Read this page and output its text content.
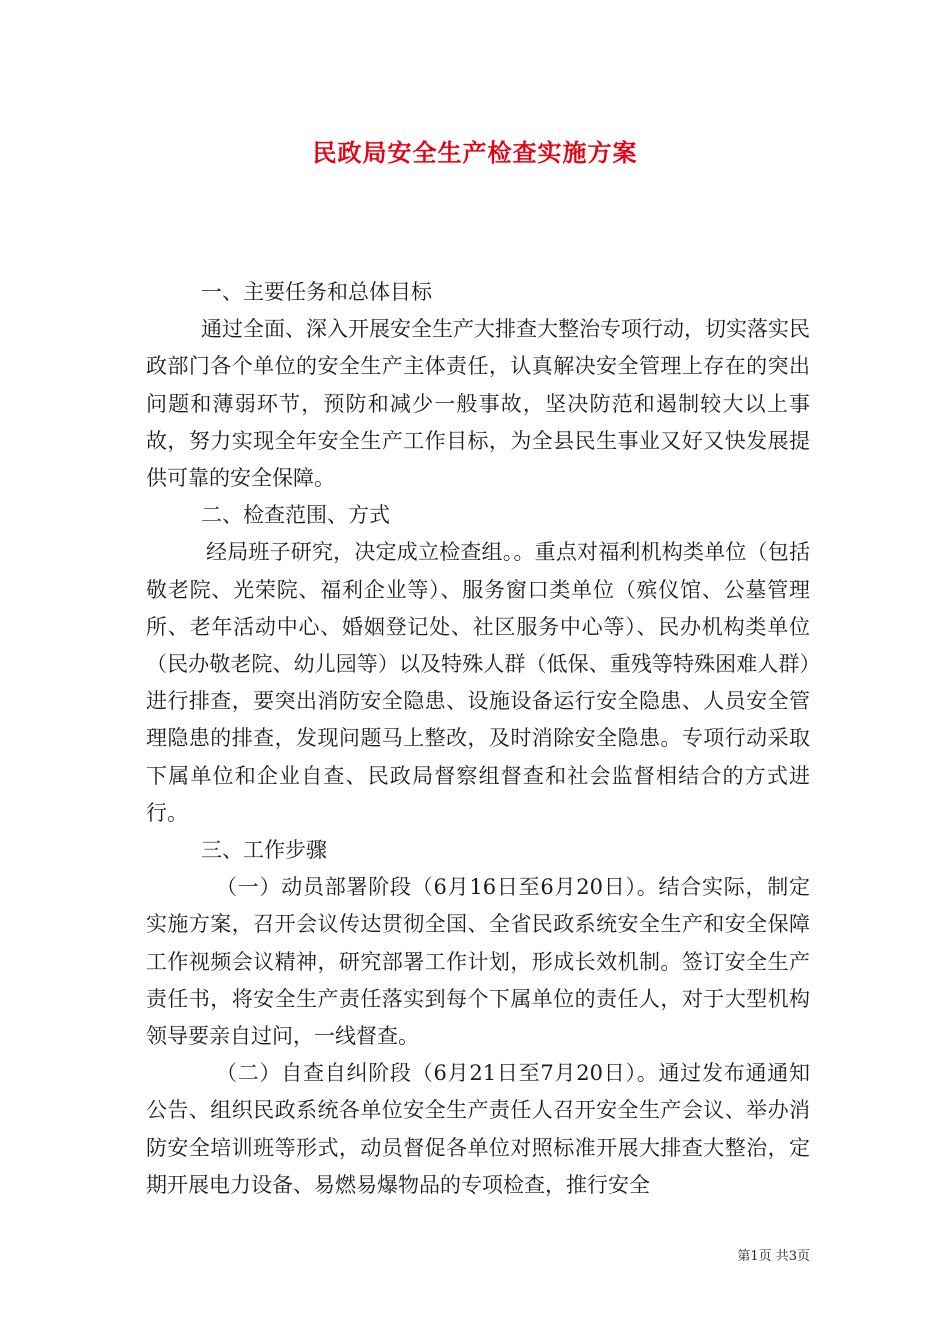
民政局安全生产检查实施方案

一、主要任务和总体目标

通过全面、深入开展安全生产大排查大整治专项行动，切实落实民政部门各个单位的安全生产主体责任，认真解决安全管理上存在的突出问题和薄弱环节，预防和减少一般事故，坚决防范和遏制较大以上事故，努力实现全年安全生产工作目标，为全县民生事业又好又快发展提供可靠的安全保障。

二、检查范围、方式

经局班子研究，决定成立检查组。。重点对福利机构类单位（包括敬老院、光荣院、福利企业等）、服务窗口类单位（殡仪馆、公墓管理所、老年活动中心、婚姻登记处、社区服务中心等）、民办机构类单位（民办敬老院、幼儿园等）以及特殊人群（低保、重残等特殊困难人群）进行排查，要突出消防安全隐患、设施设备运行安全隐患、人员安全管理隐患的排查，发现问题马上整改，及时消除安全隐患。专项行动采取下属单位和企业自查、民政局督察组督查和社会监督相结合的方式进行。

三、工作步骤

（一）动员部署阶段（6月16日至6月20日）。结合实际，制定实施方案，召开会议传达贯彻全国、全省民政系统安全生产和安全保障工作视频会议精神，研究部署工作计划，形成长效机制。签订安全生产责任书，将安全生产责任落实到每个下属单位的责任人，对于大型机构领导要亲自过问，一线督查。

（二）自查自纠阶段（6月21日至7月20日）。通过发布通通知公告、组织民政系统各单位安全生产责任人召开安全生产会议、举办消防安全培训班等形式，动员督促各单位对照标准开展大排查大整治，定期开展电力设备、易燃易爆物品的专项检查，推行安全

第1页 共3页
